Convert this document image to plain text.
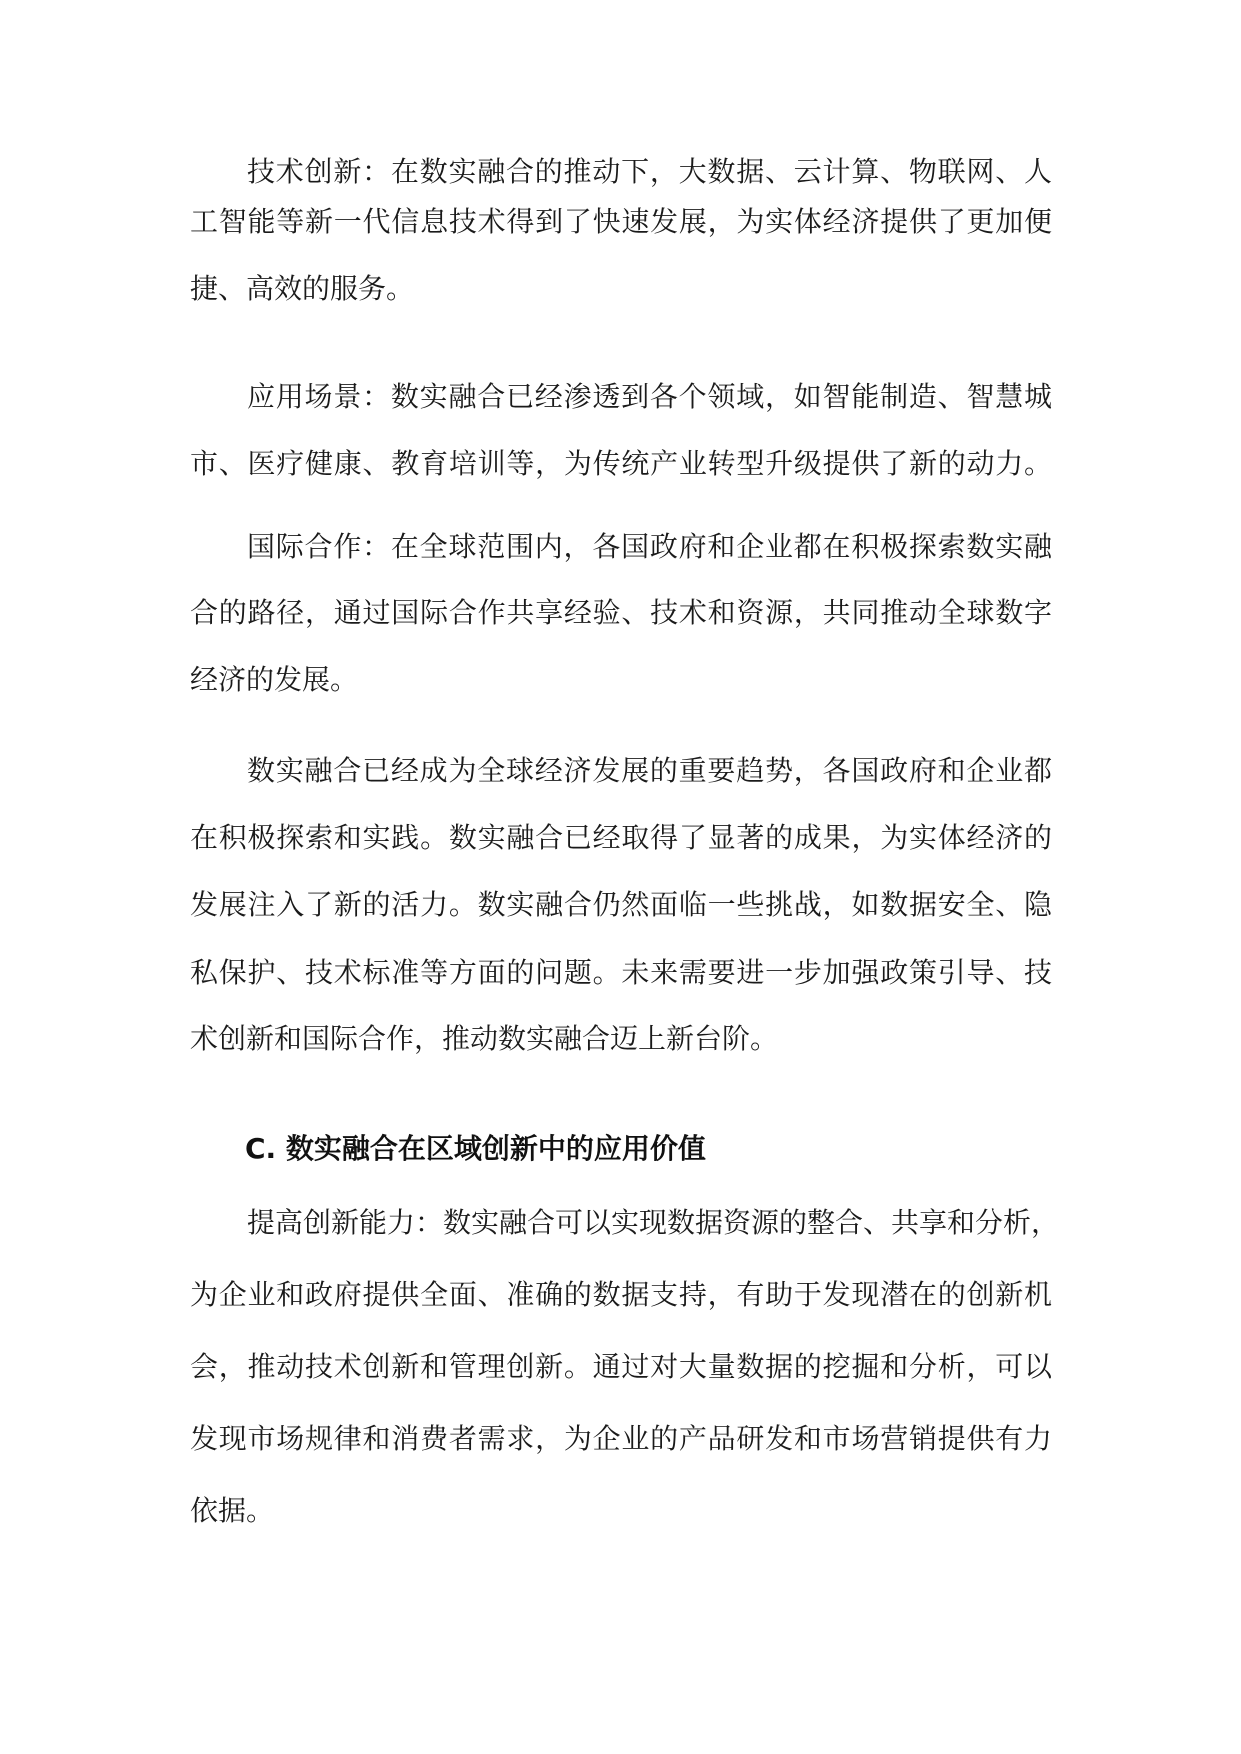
技术创新：在数实融合的推动下，大数据、云计算、物联网、人
工智能等新一代信息技术得到了快速发展，为实体经济提供了更加便
捷、高效的服务。
应用场景：数实融合已经渗透到各个领域，如智能制造、智慧城
市、医疗健康、教育培训等，为传统产业转型升级提供了新的动力。
国际合作：在全球范围内，各国政府和企业都在积极探索数实融
合的路径，通过国际合作共享经验、技术和资源，共同推动全球数字
经济的发展。
数实融合已经成为全球经济发展的重要趋势，各国政府和企业都
在积极探索和实践。数实融合已经取得了显著的成果，为实体经济的
发展注入了新的活力。数实融合仍然面临一些挑战，如数据安全、隐
私保护、技术标准等方面的问题。未来需要进一步加强政策引导、技
术创新和国际合作，推动数实融合迈上新台阶。
C. 数实融合在区域创新中的应用价值
提高创新能力：数实融合可以实现数据资源的整合、共享和分析，
为企业和政府提供全面、准确的数据支持，有助于发现潜在的创新机
会，推动技术创新和管理创新。通过对大量数据的挖掘和分析，可以
发现市场规律和消费者需求，为企业的产品研发和市场营销提供有力
依据。
